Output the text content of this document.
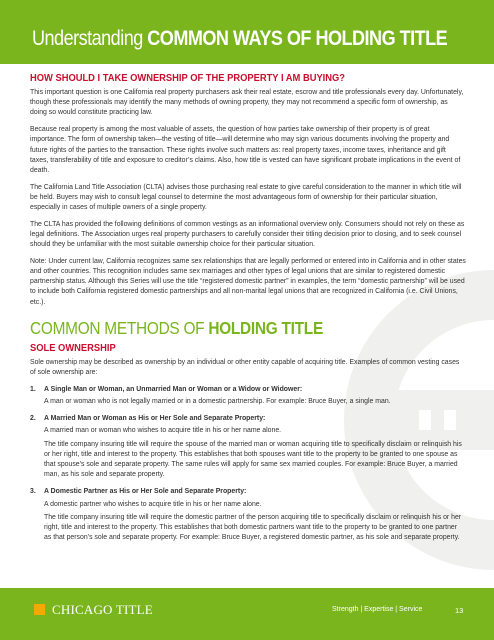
Understanding COMMON WAYS OF HOLDING TITLE
HOW SHOULD I TAKE OWNERSHIP OF THE PROPERTY I AM BUYING?

This important question is one California real property purchasers ask their real estate, escrow and title professionals every day. Unfortunately, though these professionals may identify the many methods of owning property, they may not recommend a specific form of ownership, as doing so would constitute practicing law.

Because real property is among the most valuable of assets, the question of how parties take ownership of their property is of great importance. The form of ownership taken—the vesting of title—will determine who may sign various documents involving the property and future rights of the parties to the transaction. These rights involve such matters as: real property taxes, income taxes, inheritance and gift taxes, transferability of title and exposure to creditor’s claims. Also, how title is vested can have significant probate implications in the event of death.

The California Land Title Association (CLTA) advises those purchasing real estate to give careful consideration to the manner in which title will be held. Buyers may wish to consult legal counsel to determine the most advantageous form of ownership for their particular situation, especially in cases of multiple owners of a single property.

The CLTA has provided the following definitions of common vestings as an informational overview only. Consumers should not rely on these as legal definitions. The Association urges real property purchasers to carefully consider their titling decision prior to closing, and to seek counsel should they be unfamiliar with the most suitable ownership choice for their particular situation.

Note: Under current law, California recognizes same sex relationships that are legally performed or entered into in California and in other states and other countries. This recognition includes same sex marriages and other types of legal unions that are similar to registered domestic partnership status. Although this Series will use the title “registered domestic partner” in examples, the term “domestic partnership” will be used to include both California registered domestic partnerships and all non-marital legal unions that are recognized in California (i.e. Civil Unions, etc.).

COMMON METHODS OF HOLDING TITLE
SOLE OWNERSHIP

Sole ownership may be described as ownership by an individual or other entity capable of acquiring title. Examples of common vesting cases of sole ownership are:

1. A Single Man or Woman, an Unmarried Man or Woman or a Widow or Widower:

A man or woman who is not legally married or in a domestic partnership. For example: Bruce Buyer, a single man.

2. A Married Man or Woman as His or Her Sole and Separate Property:

A married man or woman who wishes to acquire title in his or her name alone.

The title company insuring title will require the spouse of the married man or woman acquiring title to specifically disclaim or relinquish his or her right, title and interest to the property. This establishes that both spouses want title to the property to be granted to one spouse as that spouse’s sole and separate property. The same rules will apply for same sex married couples. For example: Bruce Buyer, a married man, as his sole and separate property.

3. A Domestic Partner as His or Her Sole and Separate Property:

A domestic partner who wishes to acquire title in his or her name alone.

The title company insuring title will require the domestic partner of the person acquiring title to specifically disclaim or relinquish his or her right, title and interest to the property. This establishes that both domestic partners want title to the property to be granted to one partner as that person’s sole and separate property. For example: Bruce Buyer, a registered domestic partner, as his sole and separate property.

CHICAGO TITLE	Strength | Expertise | Service	13
